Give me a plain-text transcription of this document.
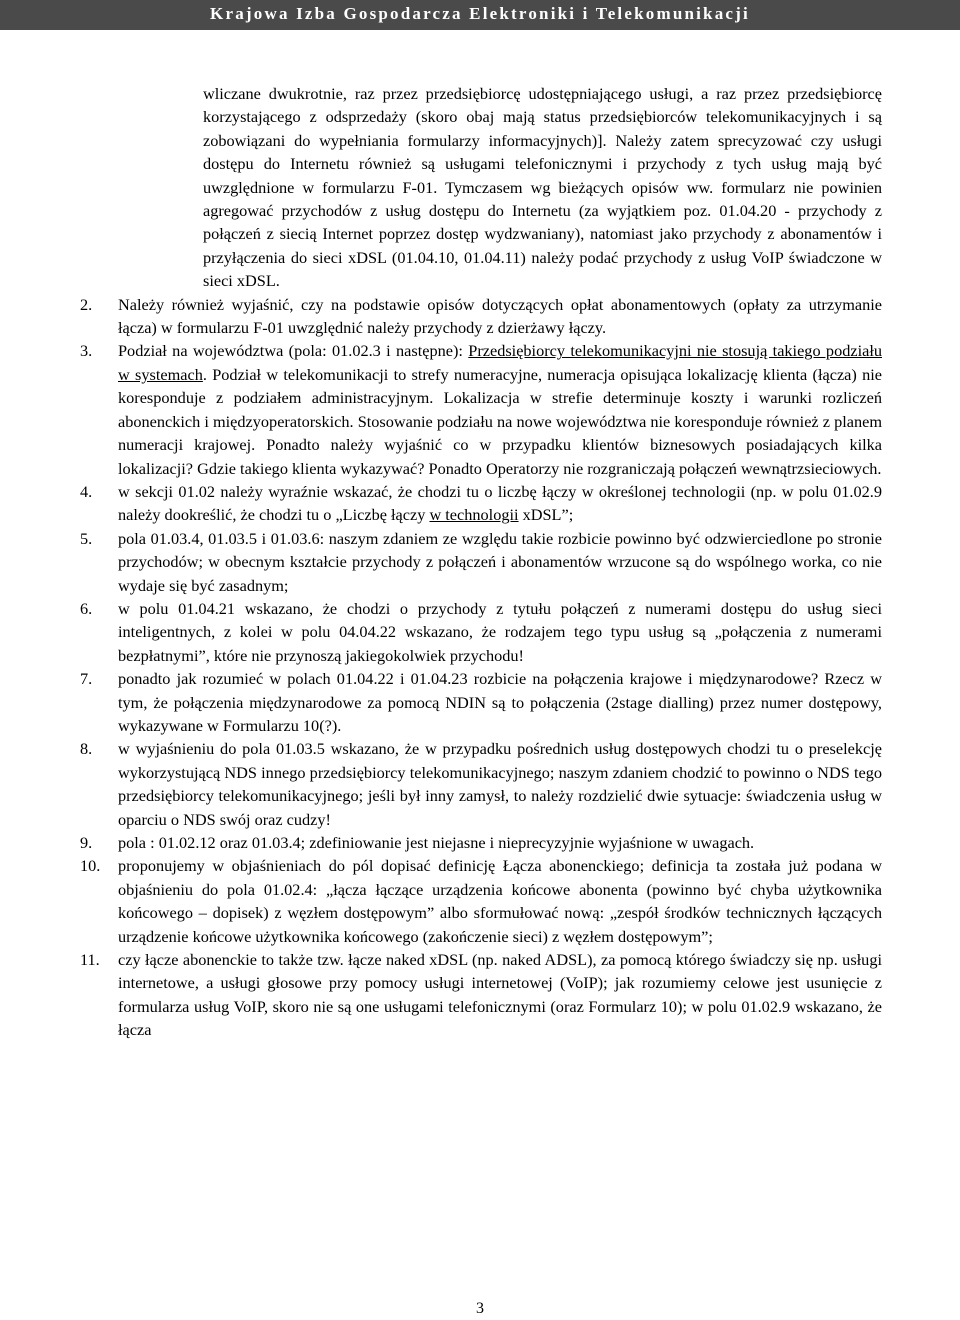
Krajowa Izba Gospodarcza Elektroniki i Telekomunikacji
wliczane dwukrotnie, raz przez przedsiębiorcę udostępniającego usługi, a raz przez przedsiębiorcę korzystającego z odsprzedaży (skoro obaj mają status przedsiębiorców telekomunikacyjnych i są zobowiązani do wypełniania formularzy informacyjnych)]. Należy zatem sprecyzować czy usługi dostępu do Internetu również są usługami telefonicznymi i przychody z tych usług mają być uwzględnione w formularzu F-01. Tymczasem wg bieżących opisów ww. formularz nie powinien agregować przychodów z usług dostępu do Internetu (za wyjątkiem poz. 01.04.20 - przychody z połączeń z siecią Internet poprzez dostęp wydzwaniany), natomiast jako przychody z abonamentów i przyłączenia do sieci xDSL (01.04.10, 01.04.11) należy podać przychody z usług VoIP świadczone w sieci xDSL.
2.	Należy również wyjaśnić, czy na podstawie opisów dotyczących opłat abonamentowych (opłaty za utrzymanie łącza) w formularzu F-01 uwzględnić należy przychody z dzierżawy łączy.
3.	Podział na województwa (pola: 01.02.3 i następne): Przedsiębiorcy telekomunikacyjni nie stosują takiego podziału w systemach. Podział w telekomunikacji to strefy numeracyjne, numeracja opisująca lokalizację klienta (łącza) nie koresponduje z podziałem administracyjnym. Lokalizacja w strefie determinuje koszty i warunki rozliczeń abonenckich i międzyoperatorskich. Stosowanie podziału na nowe województwa nie koresponduje również z planem numeracji krajowej. Ponadto należy wyjaśnić co w przypadku klientów biznesowych posiadających kilka lokalizacji? Gdzie takiego klienta wykazywać? Ponadto Operatorzy nie rozgraniczają połączeń wewnątrzsieciowych.
4.	w sekcji 01.02 należy wyraźnie wskazać, że chodzi tu o liczbę łączy w określonej technologii (np. w polu 01.02.9 należy dookreślić, że chodzi tu o „Liczbę łączy w technologii xDSL”;
5.	pola 01.03.4, 01.03.5 i 01.03.6: naszym zdaniem ze względu takie rozbicie powinno być odzwierciedlone po stronie przychodów; w obecnym kształcie przychody z połączeń i abonamentów wrzucone są do wspólnego worka, co nie wydaje się być zasadnym;
6.	w polu 01.04.21 wskazano, że chodzi o przychody z tytułu połączeń z numerami dostępu do usług sieci inteligentnych, z kolei w polu 04.04.22 wskazano, że rodzajem tego typu usług są „połączenia z numerami bezpłatnymi”, które nie przynoszą jakiegokolwiek przychodu!
7.	ponadto jak rozumieć w polach 01.04.22 i 01.04.23 rozbicie na połączenia krajowe i międzynarodowe? Rzecz w tym, że połączenia międzynarodowe za pomocą NDIN są to połączenia (2stage dialling) przez numer dostępowy, wykazywane w Formularzu 10(?).
8.	w wyjaśnieniu do pola 01.03.5 wskazano, że w przypadku pośrednich usług dostępowych chodzi tu o preselekcję wykorzystującą NDS innego przedsiębiorcy telekomunikacyjnego; naszym zdaniem chodzić to powinno o NDS tego przedsiębiorcy telekomunikacyjnego; jeśli był inny zamysł, to należy rozdzielić dwie sytuacje: świadczenia usług w oparciu o NDS swój oraz cudzy!
9.	pola : 01.02.12 oraz 01.03.4; zdefiniowanie jest niejasne i nieprecyzyjnie wyjaśnione w uwagach.
10.	proponujemy w objaśnieniach do pól dopisać definicję Łącza abonenckiego; definicja ta została już podana w objaśnieniu do pola 01.02.4: „łącza łączące urządzenia końcowe abonenta (powinno być chyba użytkownika końcowego – dopisek) z węzłem dostępowym” albo sformułować nową: „zespół środków technicznych łączących urządzenie końcowe użytkownika końcowego (zakończenie sieci) z węzłem dostępowym”;
11.	czy łącze abonenckie to także tzw. łącze naked xDSL (np. naked ADSL), za pomocą którego świadczy się np. usługi internetowe, a usługi głosowe przy pomocy usługi internetowej (VoIP); jak rozumiemy celowe jest usunięcie z formularza usług VoIP, skoro nie są one usługami telefonicznymi (oraz Formularz 10); w polu 01.02.9 wskazano, że łącza
3
